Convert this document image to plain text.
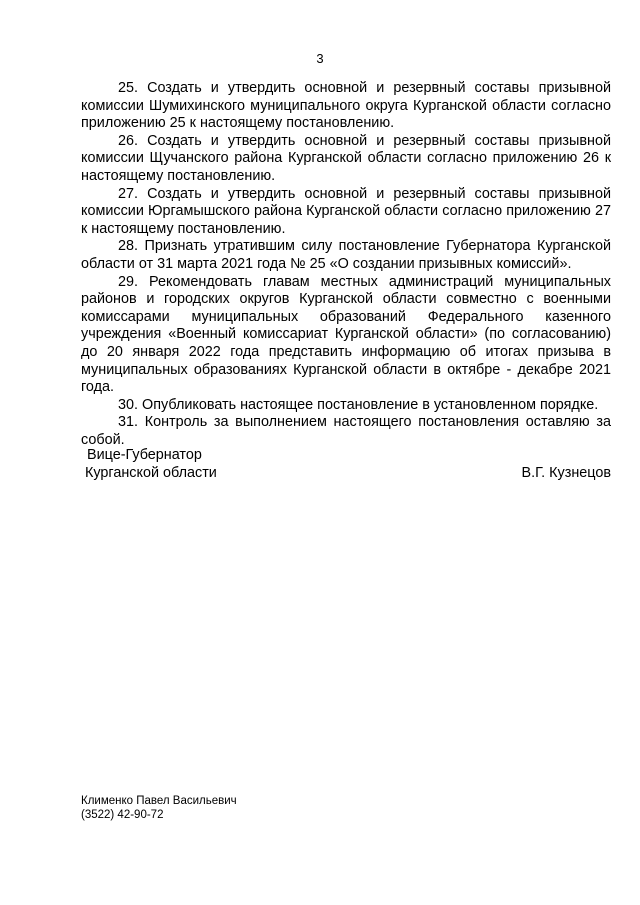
3

25. Создать и утвердить основной и резервный составы призывной комиссии Шумихинского муниципального округа Курганской области согласно приложению 25 к настоящему постановлению.

26. Создать и утвердить основной и резервный составы призывной комиссии Щучанского района Курганской области согласно приложению 26 к настоящему постановлению.

27. Создать и утвердить основной и резервный составы призывной комиссии Юргамышского района Курганской области согласно приложению 27 к настоящему постановлению.

28. Признать утратившим силу постановление Губернатора Курганской области от 31 марта 2021 года № 25 «О создании призывных комиссий».

29. Рекомендовать главам местных администраций муниципальных районов и городских округов Курганской области совместно с военными комиссарами муниципальных образований Федерального казенного учреждения «Военный комиссариат Курганской области» (по согласованию) до 20 января 2022 года представить информацию об итогах призыва в муниципальных образованиях Курганской области в октябре - декабре 2021 года.

30. Опубликовать настоящее постановление в установленном порядке.

31. Контроль за выполнением настоящего постановления оставляю за собой.

Вице-Губернатор
Курганской области	В.Г. Кузнецов
Клименко Павел Васильевич
(3522) 42-90-72
